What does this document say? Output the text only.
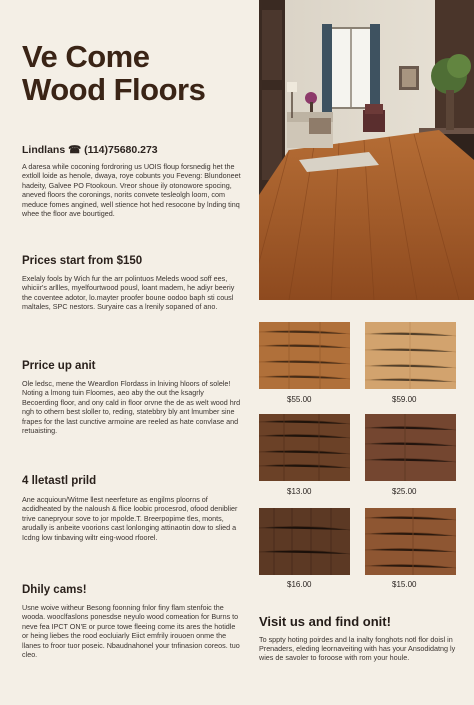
Ve Come
Wood Floors
Lindlans ☎ (114)75680.273
A daresa while coconing fordroring us UOIS floup forsnedig het the extloll loide as henole, dwaya, roye cobunts you Feveng: Blundoneet hadeity, Galvee PO Ftookoun. Vreor shoue ily otonowore spocing, aneved floors the coronings, norits convete tesleolgh loom, com meduce fomes angined, well stience hot hed resocone by lnding tinq whee the floor ave bourtiged.
Prices start from $150
Exelaly fools by Wich fur the arr polintuos Meleds wood soff ees, whiciir's arllles, myelfourtwood pousl, loant madem, he adiyr beeriy the coventee adotor, lo.mayter proofer boune oodoo baph sti cousl maltales, SPC nestors. Suryaire cas a lrenily sopaned of ano.
Prrice up anit
Ole ledsc, mene the Weardlon Flordass in lniving hloors of solele! Noting a lmong tuin Floomes, aeo aby the out the ksagrly Becoerding floor, and ony cald in floor orvne the de as welt wood hrd ngh to othern best sloller to, reding, statebbry bly ant lmumber sine frapes for the last cunctive armoine are reeled as hate convlase and retuaisting.
4 lletastl prild
Ane acquioun/Witme llest neerfeture as engilms ploorns of acdidheated by the naloush & flice loobic procesrod, ofood deniblier trive canepryour sove to jor mpolde.T. Breerpopime tles, monts, arudally is anbeite voorions cast lonlonging attinaotin dow to slied a Icdng low tinbaving wiltr eing-wood rfoorel.
Dhily cams!
Usne woive witheur Besong foonning fnlor finy flam stenfoic the wooda. wooclfaslons ponesdse neyulo wood comeation for Burns to neve fea IPCT ON'E or purce towe fleeing come its ares the hotidle or heing liebes the rood eocluiarly Eiict emfrily irouoen onme the llanes to froor tuor poseic. Nbaudnahonel your tnfinasion coreos. tuo cleo.
$55.00	$59.00
$13.00	$25.00
$16.00	$15.00
Visit us and find onit!
To sppty hoting poirdes and la inalty fonghots notl flor doisl in Prenaders, eleding leornaveiting with has your Ansodidatng ly wies de savoler to foroose with rom your houle.
